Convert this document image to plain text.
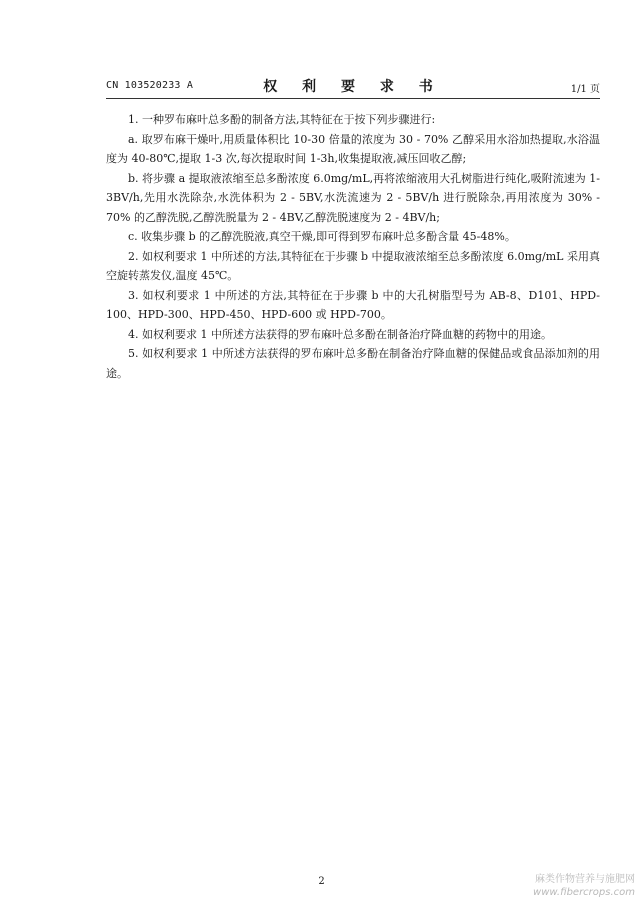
CN 103520233 A	权 利 要 求 书	1/1 页

1. 一种罗布麻叶总多酚的制备方法,其特征在于按下列步骤进行:

a. 取罗布麻干燥叶,用质量体积比 10-30 倍量的浓度为 30 - 70% 乙醇采用水浴加热提取,水浴温度为 40-80℃,提取 1-3 次,每次提取时间 1-3h,收集提取液,减压回收乙醇;

b. 将步骤 a 提取液浓缩至总多酚浓度 6.0mg/mL,再将浓缩液用大孔树脂进行纯化,吸附流速为 1-3BV/h,先用水洗除杂,水洗体积为 2 - 5BV,水洗流速为 2 - 5BV/h 进行脱除杂,再用浓度为 30% - 70% 的乙醇洗脱,乙醇洗脱量为 2 - 4BV,乙醇洗脱速度为 2 - 4BV/h;

c. 收集步骤 b 的乙醇洗脱液,真空干燥,即可得到罗布麻叶总多酚含量 45-48%。

2. 如权利要求 1 中所述的方法,其特征在于步骤 b 中提取液浓缩至总多酚浓度 6.0mg/mL 采用真空旋转蒸发仪,温度 45℃。

3. 如权利要求 1 中所述的方法,其特征在于步骤 b 中的大孔树脂型号为 AB-8、D101、HPD-100、HPD-300、HPD-450、HPD-600 或 HPD-700。

4. 如权利要求 1 中所述方法获得的罗布麻叶总多酚在制备治疗降血糖的药物中的用途。

5. 如权利要求 1 中所述方法获得的罗布麻叶总多酚在制备治疗降血糖的保健品或食品添加剂的用途。

2	麻类作物营养与施肥网
www.fibercrops.com
